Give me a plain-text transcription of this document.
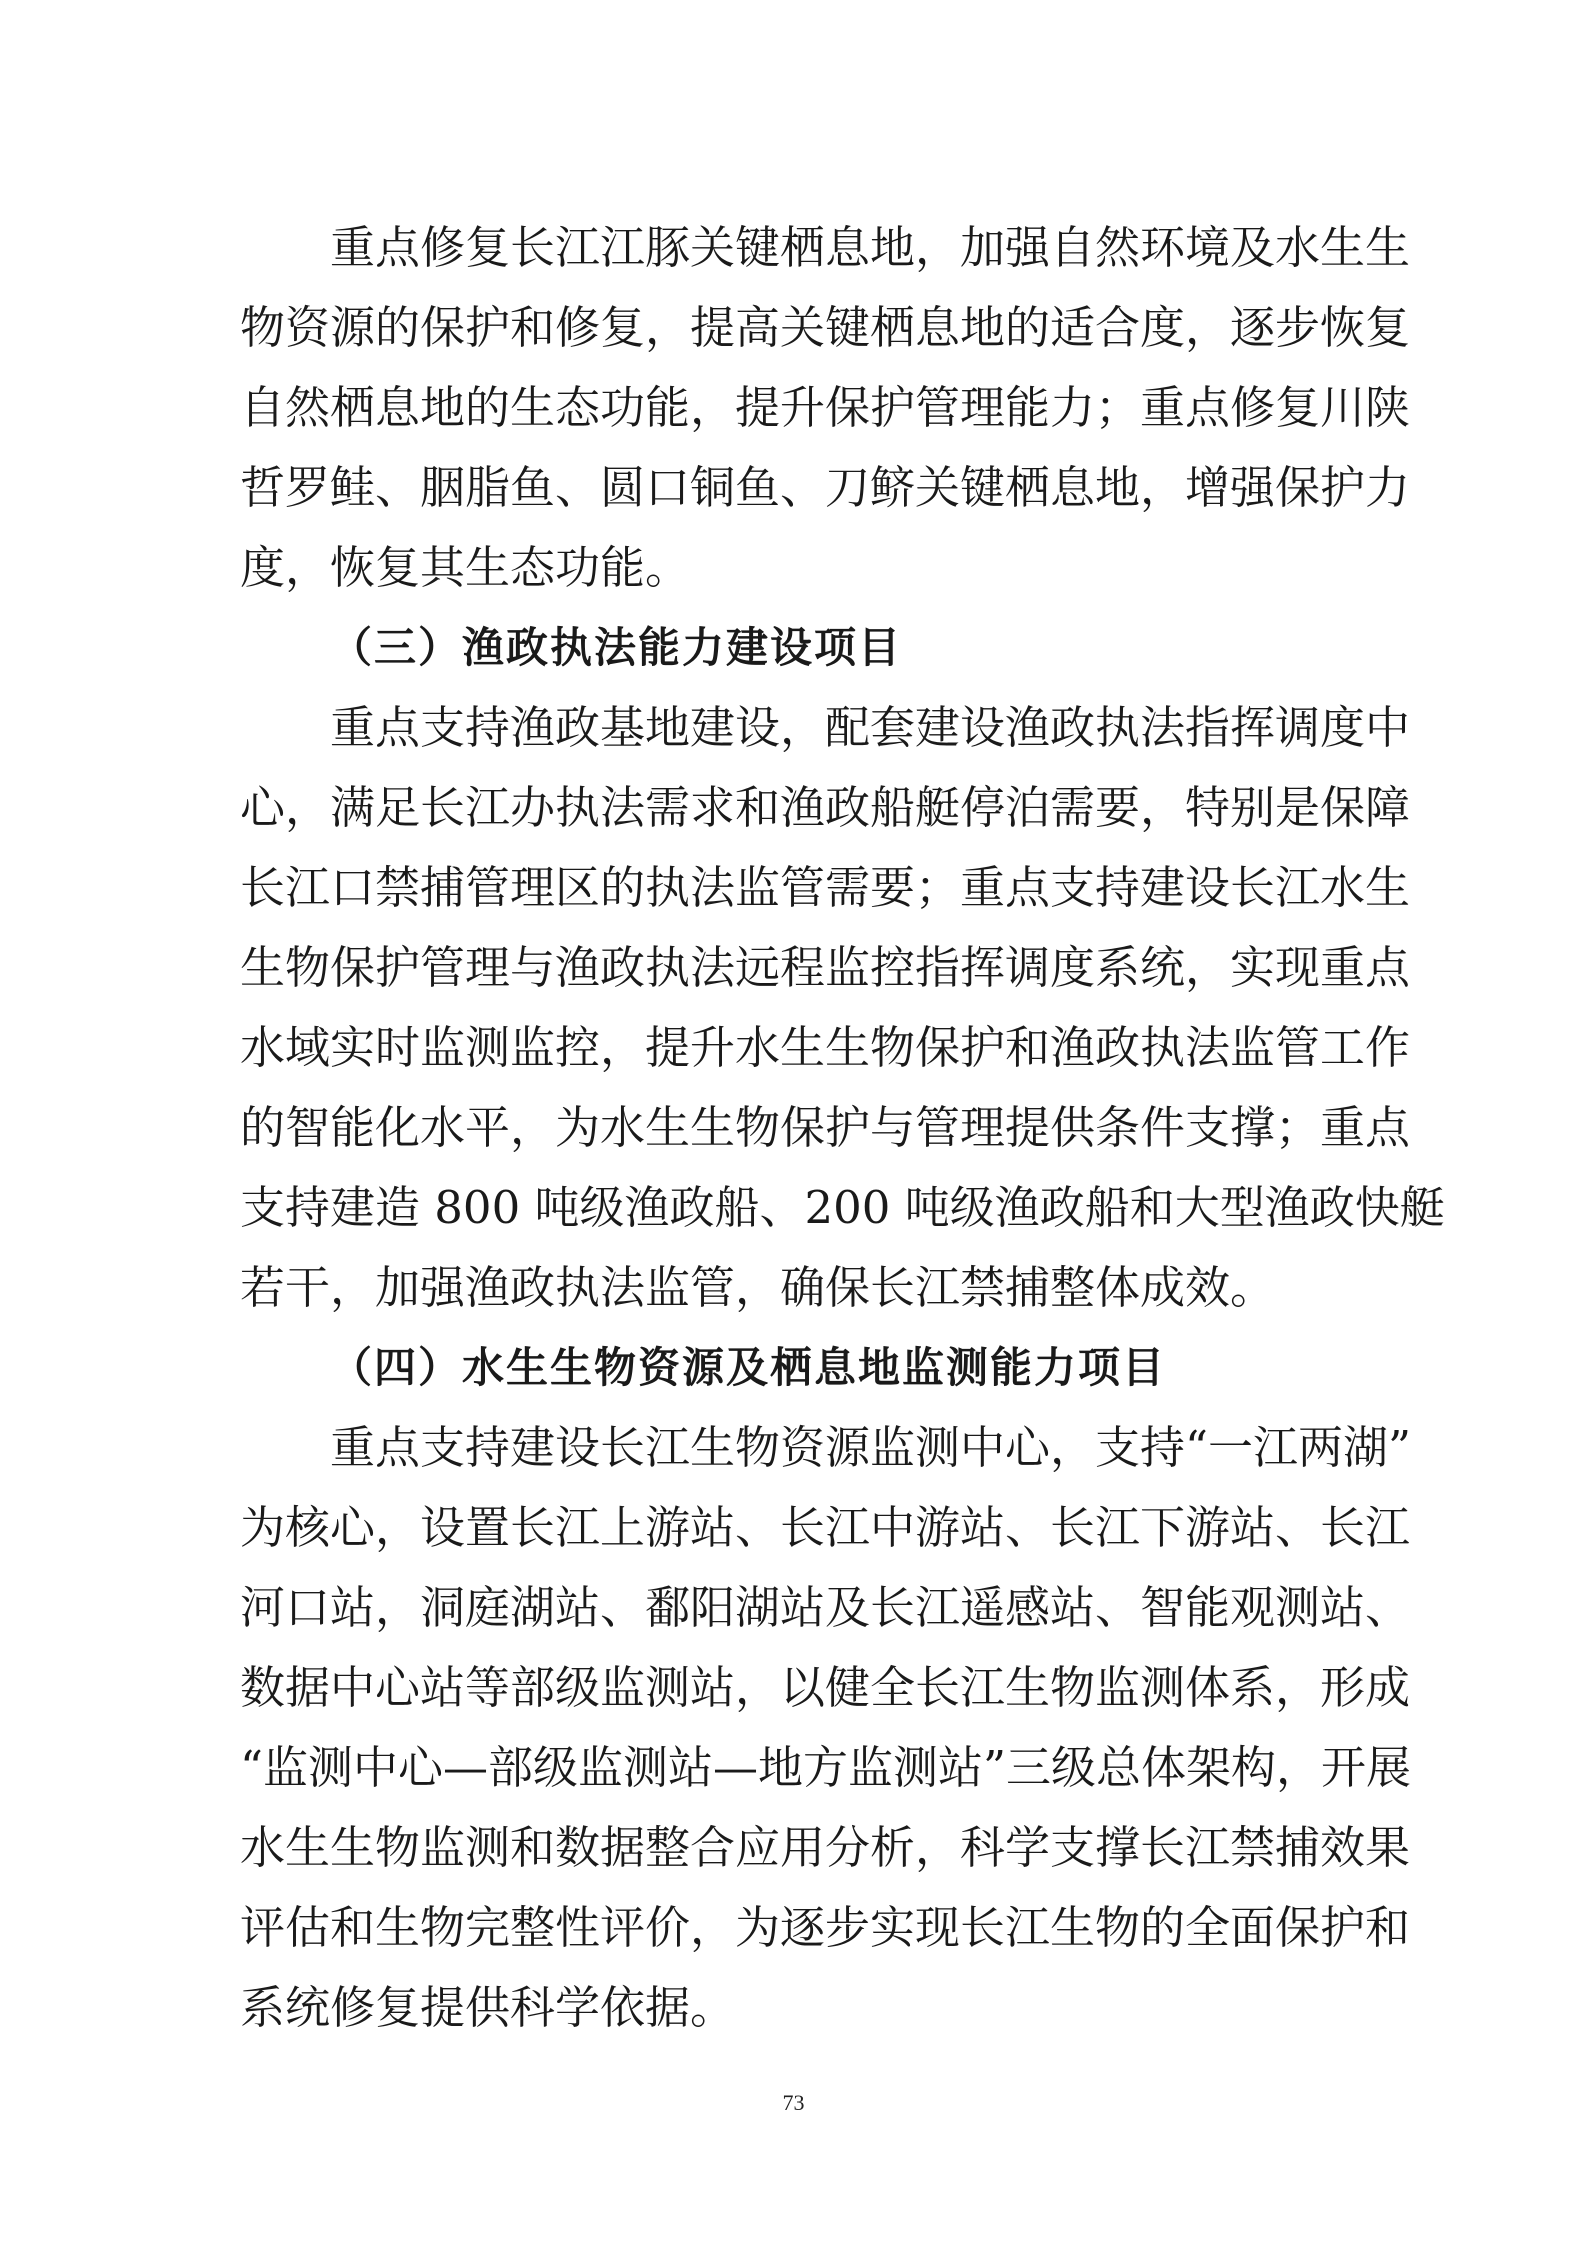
重点修复长江江豚关键栖息地，加强自然环境及水生生
物资源的保护和修复，提高关键栖息地的适合度，逐步恢复
自然栖息地的生态功能，提升保护管理能力；重点修复川陕
哲罗鲑、胭脂鱼、圆口铜鱼、刀鲚关键栖息地，增强保护力
度，恢复其生态功能。
（三）渔政执法能力建设项目
重点支持渔政基地建设，配套建设渔政执法指挥调度中
心，满足长江办执法需求和渔政船艇停泊需要，特别是保障
长江口禁捕管理区的执法监管需要；重点支持建设长江水生
生物保护管理与渔政执法远程监控指挥调度系统，实现重点
水域实时监测监控，提升水生生物保护和渔政执法监管工作
的智能化水平，为水生生物保护与管理提供条件支撑；重点
支持建造 800 吨级渔政船、200 吨级渔政船和大型渔政快艇
若干，加强渔政执法监管，确保长江禁捕整体成效。
（四）水生生物资源及栖息地监测能力项目
重点支持建设长江生物资源监测中心，支持“一江两湖”
为核心，设置长江上游站、长江中游站、长江下游站、长江
河口站，洞庭湖站、鄱阳湖站及长江遥感站、智能观测站、
数据中心站等部级监测站，以健全长江生物监测体系，形成
“监测中心—部级监测站—地方监测站”三级总体架构，开展
水生生物监测和数据整合应用分析，科学支撑长江禁捕效果
评估和生物完整性评价，为逐步实现长江生物的全面保护和
系统修复提供科学依据。
73
